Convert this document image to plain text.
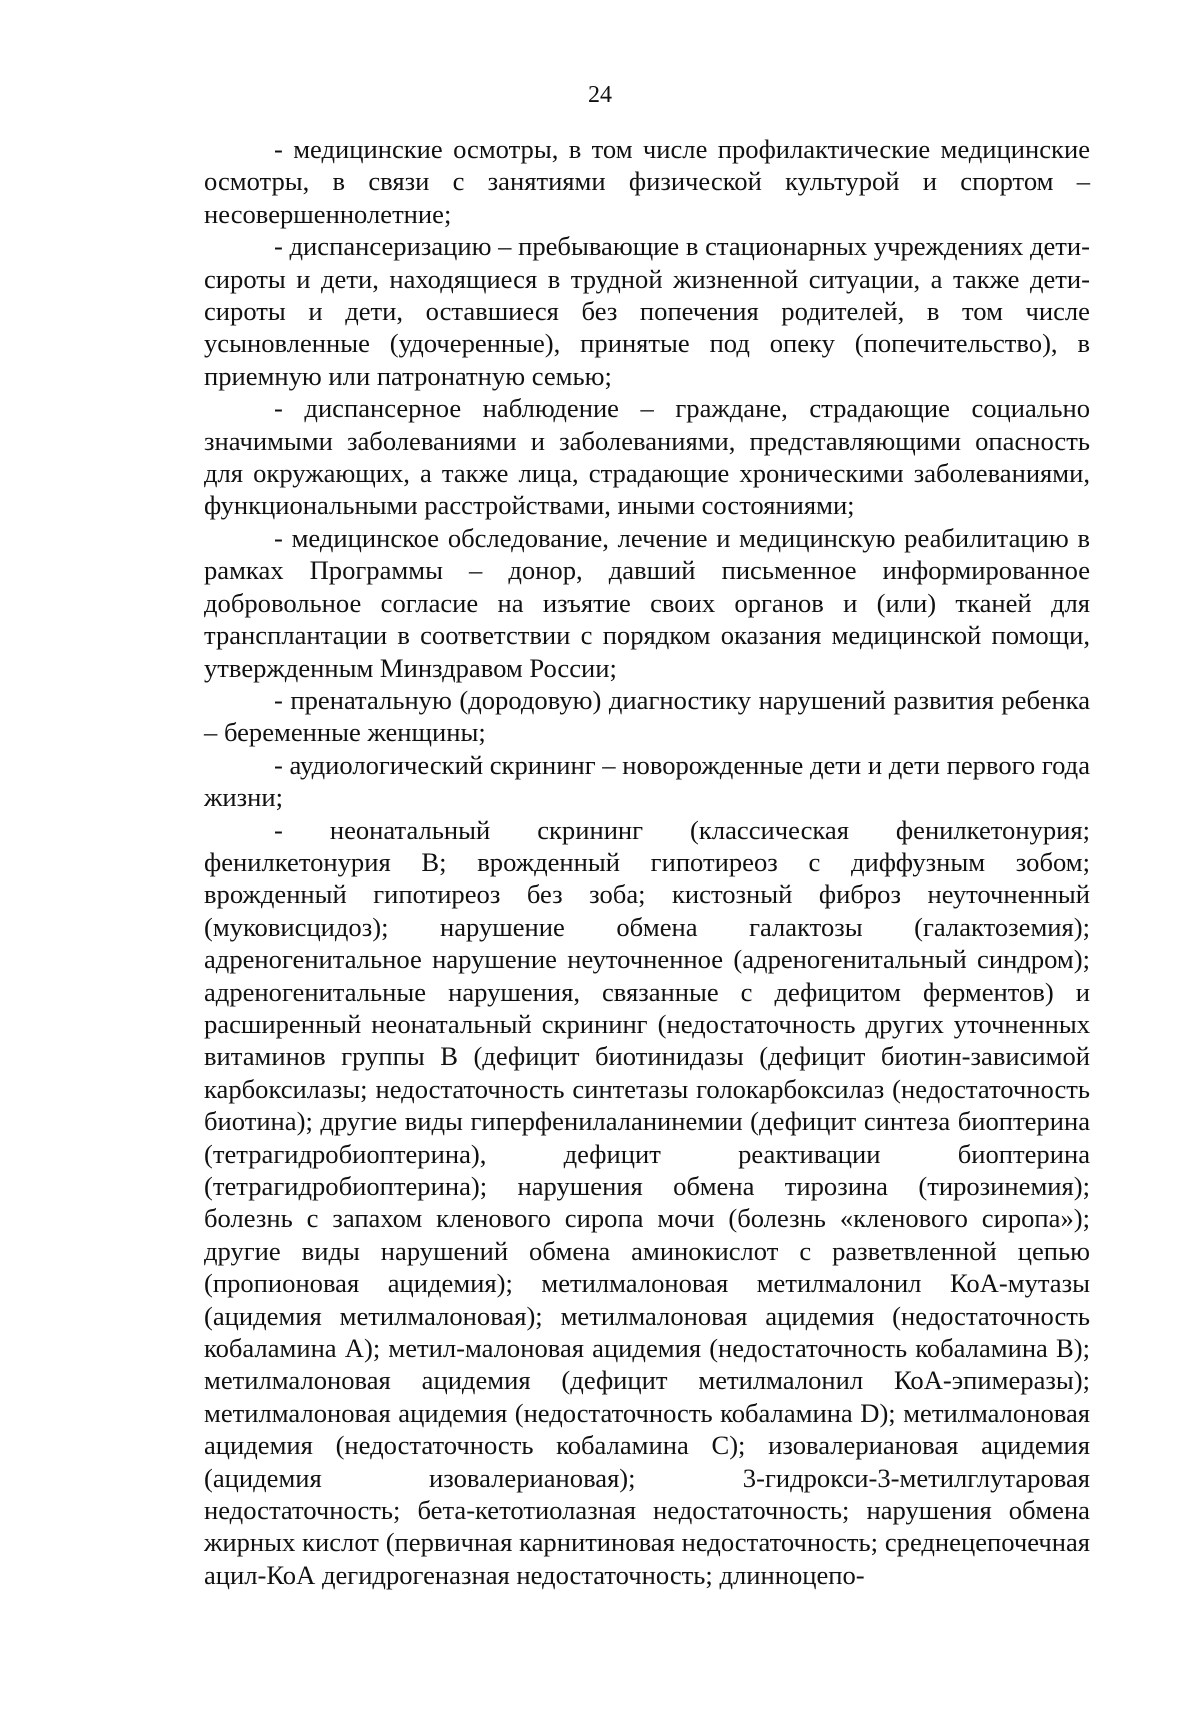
24

- медицинские осмотры, в том числе профилактические медицинские осмотры, в связи с занятиями физической культурой и спортом – несовершеннолетние;

- диспансеризацию – пребывающие в стационарных учреждениях дети-сироты и дети, находящиеся в трудной жизненной ситуации, а также дети-сироты и дети, оставшиеся без попечения родителей, в том числе усыновленные (удочеренные), принятые под опеку (попечительство), в приемную или патронатную семью;

- диспансерное наблюдение – граждане, страдающие социально значимыми заболеваниями и заболеваниями, представляющими опасность для окружающих, а также лица, страдающие хроническими заболеваниями, функциональными расстройствами, иными состояниями;

- медицинское обследование, лечение и медицинскую реабилитацию в рамках Программы – донор, давший письменное информированное добровольное согласие на изъятие своих органов и (или) тканей для трансплантации в соответствии с порядком оказания медицинской помощи, утвержденным Минздравом России;

- пренатальную (дородовую) диагностику нарушений развития ребенка – беременные женщины;

- аудиологический скрининг – новорожденные дети и дети первого года жизни;

- неонатальный скрининг (классическая фенилкетонурия; фенилкетонурия B; врожденный гипотиреоз с диффузным зобом; врожденный гипотиреоз без зоба; кистозный фиброз неуточненный (муковисцидоз); нарушение обмена галактозы (галактоземия); адреногенитальное нарушение неуточненное (адреногенитальный синдром); адреногенитальные нарушения, связанные с дефицитом ферментов) и расширенный неонатальный скрининг (недостаточность других уточненных витаминов группы B (дефицит биотинидазы (дефицит биотин-зависимой карбоксилазы; недостаточность синтетазы голокарбоксилаз (недостаточность биотина); другие виды гиперфенилаланинемии (дефицит синтеза биоптерина (тетрагидробиоптерина), дефицит реактивации биоптерина (тетрагидробиоптерина); нарушения обмена тирозина (тирозинемия); болезнь с запахом кленового сиропа мочи (болезнь «кленового сиропа»); другие виды нарушений обмена аминокислот с разветвленной цепью (пропионовая ацидемия); метилмалоновая метилмалонил КоА-мутазы (ацидемия метилмалоновая); метилмалоновая ацидемия (недостаточность кобаламина A); метил-малоновая ацидемия (недостаточность кобаламина B); метилмалоновая ацидемия (дефицит метилмалонил КоА-эпимеразы); метилмалоновая ацидемия (недостаточность кобаламина D); метилмалоновая ацидемия (недостаточность кобаламина C); изовалериановая ацидемия (ацидемия изовалериановая); 3-гидрокси-3-метилглутаровая недостаточность; бета-кетотиолазная недостаточность; нарушения обмена жирных кислот (первичная карнитиновая недостаточность; среднецепочечная ацил-КоА дегидрогеназная недостаточность; длинноцепо-
